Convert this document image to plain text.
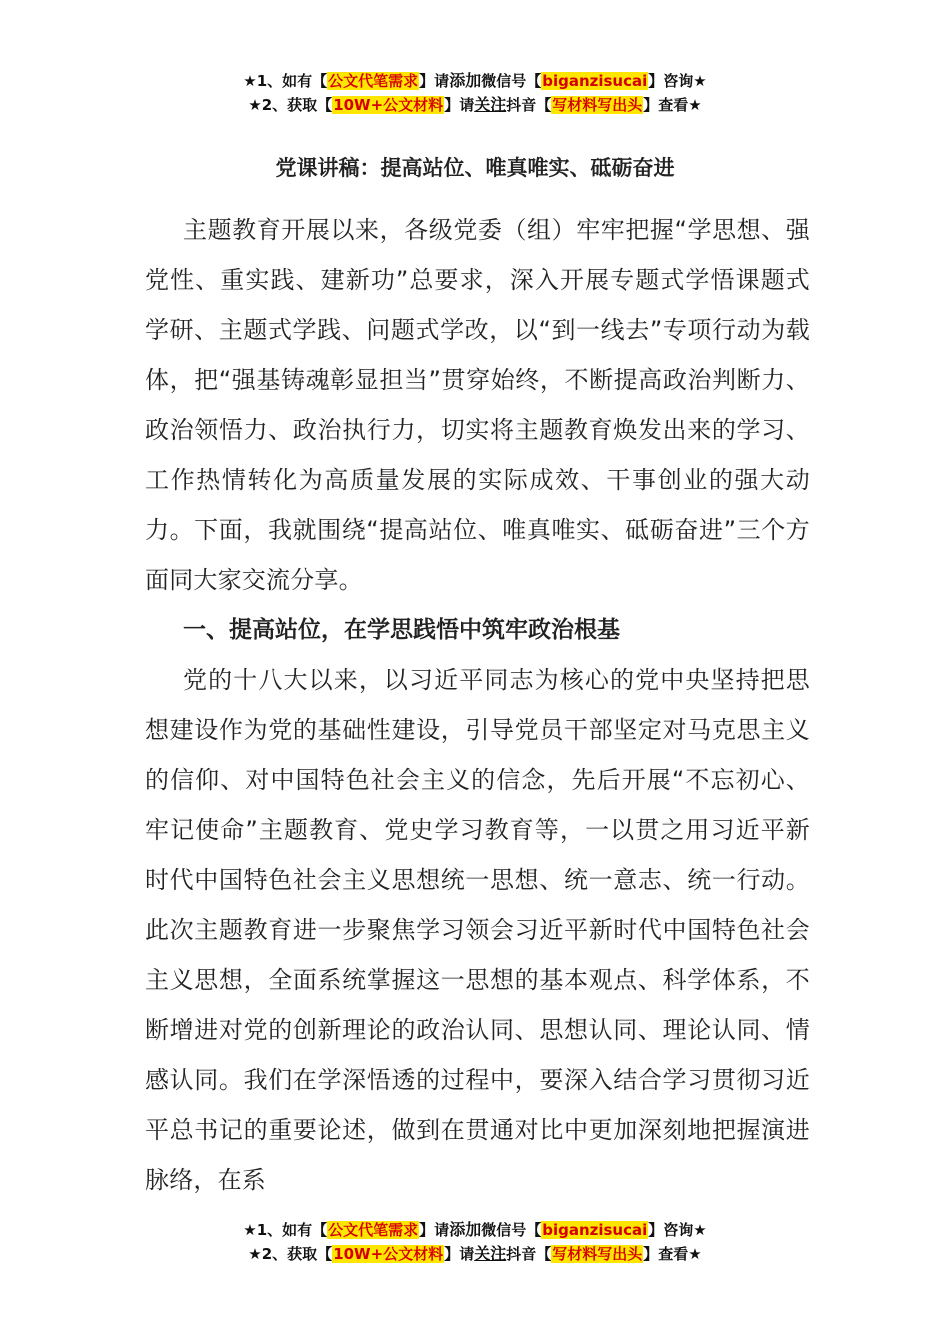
★1、如有【公文代笔需求】请添加微信号【biganzisucai】咨询★
★2、获取【10W+公文材料】请关注抖音【写材料写出头】查看★
党课讲稿：提高站位、唯真唯实、砥砺奋进

主题教育开展以来，各级党委（组）牢牢把握“学思想、强党性、重实践、建新功”总要求，深入开展专题式学悟课题式学研、主题式学践、问题式学改，以“到一线去”专项行动为载体，把“强基铸魂彰显担当”贯穿始终，不断提高政治判断力、政治领悟力、政治执行力，切实将主题教育焕发出来的学习、工作热情转化为高质量发展的实际成效、干事创业的强大动力。下面，我就围绕“提高站位、唯真唯实、砥砺奋进”三个方面同大家交流分享。

一、提高站位，在学思践悟中筑牢政治根基

党的十八大以来，以习近平同志为核心的党中央坚持把思想建设作为党的基础性建设，引导党员干部坚定对马克思主义的信仰、对中国特色社会主义的信念，先后开展“不忘初心、牢记使命”主题教育、党史学习教育等，一以贯之用习近平新时代中国特色社会主义思想统一思想、统一意志、统一行动。此次主题教育进一步聚焦学习领会习近平新时代中国特色社会主义思想，全面系统掌握这一思想的基本观点、科学体系，不断增进对党的创新理论的政治认同、思想认同、理论认同、情感认同。我们在学深悟透的过程中，要深入结合学习贯彻习近平总书记的重要论述，做到在贯通对比中更加深刻地把握演进脉络，在系

★1、如有【公文代笔需求】请添加微信号【biganzisucai】咨询★
★2、获取【10W+公文材料】请关注抖音【写材料写出头】查看★
